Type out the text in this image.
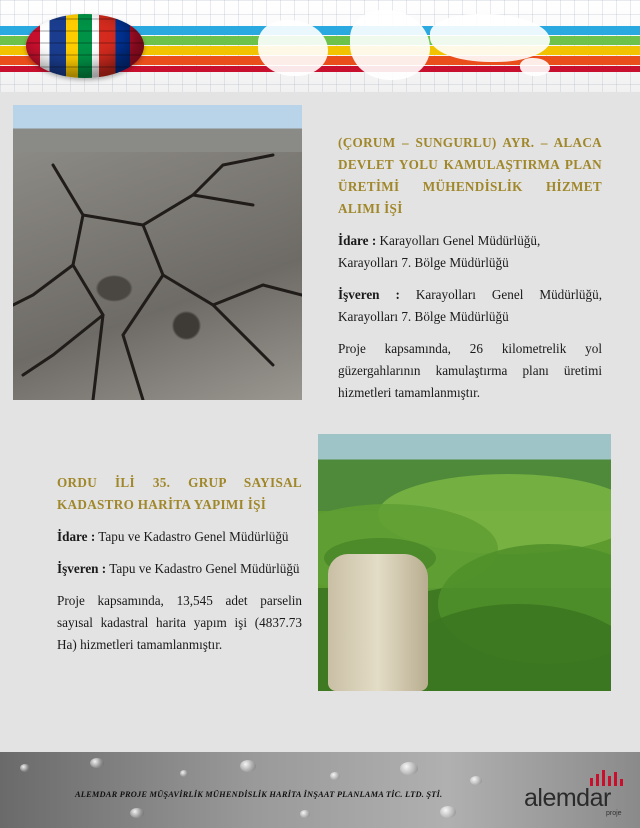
(ÇORUM – SUNGURLU) AYR. – ALACA DEVLET YOLU KAMULAŞTIRMA PLAN ÜRETİMİ MÜHENDİSLİK HİZMET ALIMI İŞİ

İdare : Karayolları Genel Müdürlüğü, Karayolları 7. Bölge Müdürlüğü

İşveren : Karayolları Genel Müdürlüğü, Karayolları 7. Bölge Müdürlüğü

Proje kapsamında, 26 kilometrelik yol güzergahlarının kamulaştırma planı üretimi hizmetleri tamamlanmıştır.

ORDU İLİ 35. GRUP SAYISAL KADASTRO HARİTA YAPIMI İŞİ

İdare : Tapu ve Kadastro Genel Müdürlüğü

İşveren : Tapu ve Kadastro Genel Müdürlüğü

Proje kapsamında, 13,545 adet parselin sayısal kadastral harita yapım işi (4837.73 Ha) hizmetleri tamamlanmıştır.

ALEMDAR PROJE MÜŞAVİRLİK MÜHENDİSLİK HARİTA İNŞAAT PLANLAMA TİC. LTD. ŞTİ.	alemdar
proje
